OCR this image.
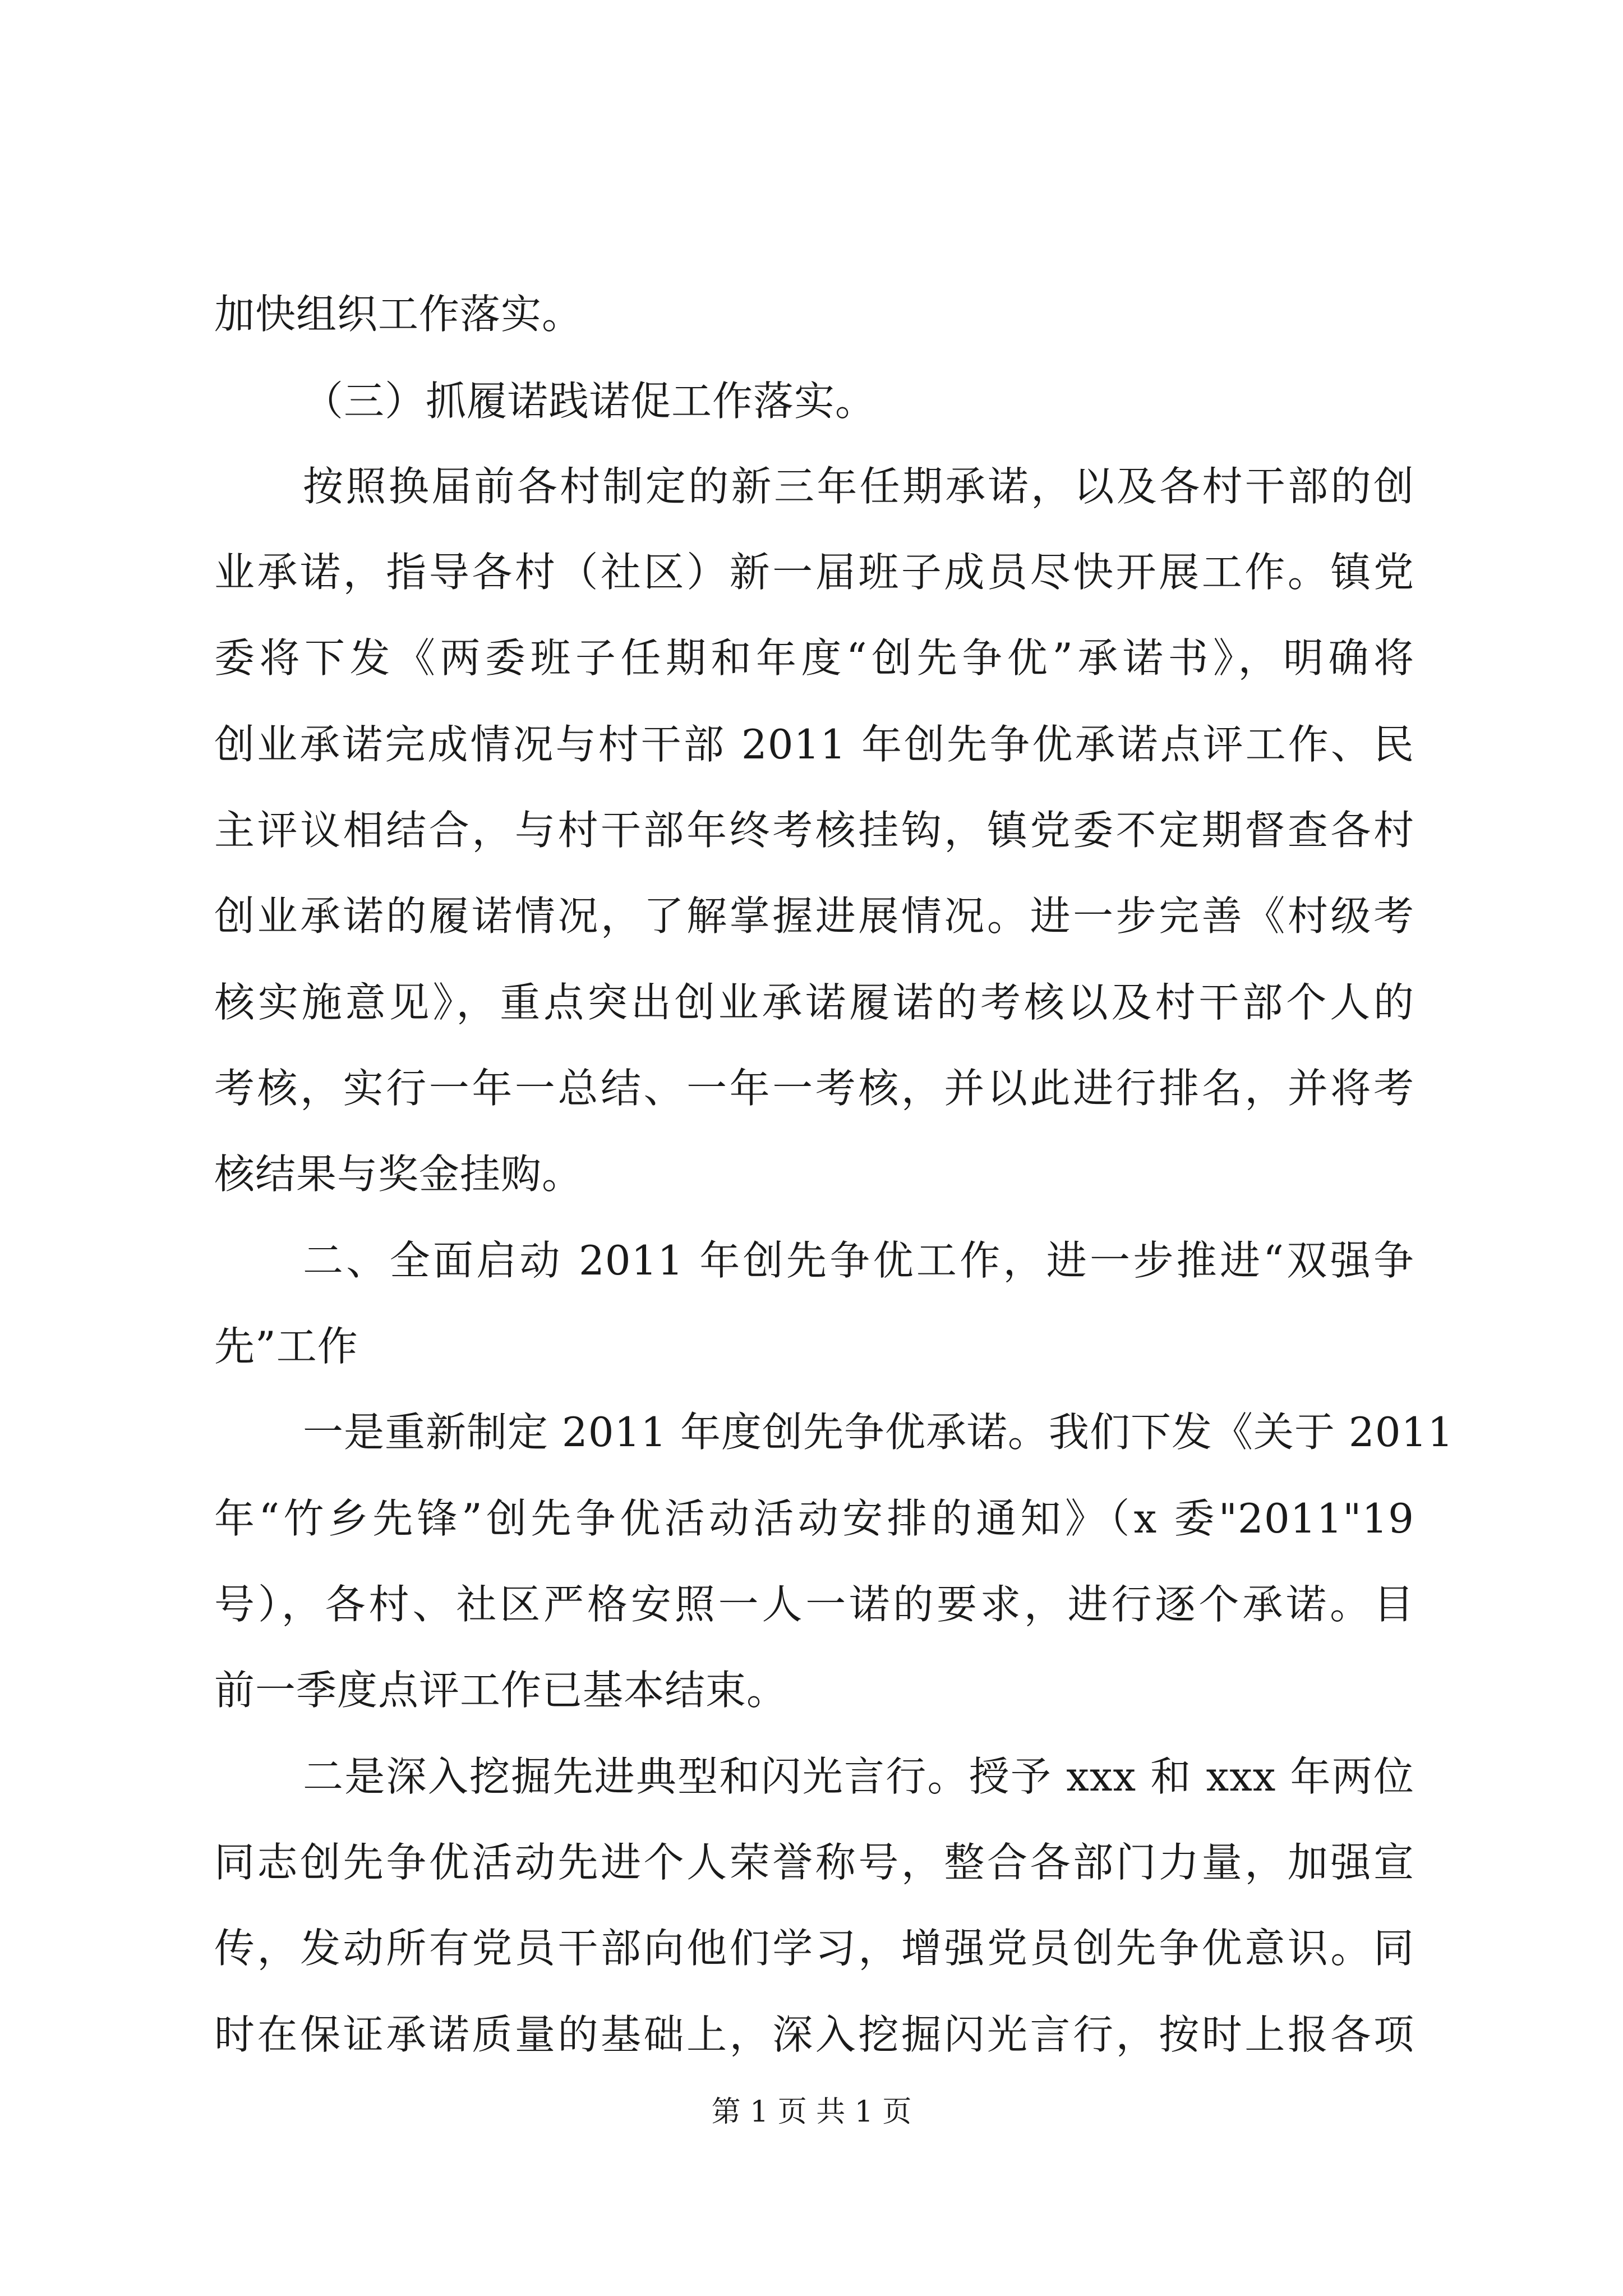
加快组织工作落实。
（三）抓履诺践诺促工作落实。
按照换届前各村制定的新三年任期承诺，以及各村干部的创
业承诺，指导各村（社区）新一届班子成员尽快开展工作。镇党
委将下发《两委班子任期和年度“创先争优”承诺书》，明确将
创业承诺完成情况与村干部 2011 年创先争优承诺点评工作、民
主评议相结合，与村干部年终考核挂钩，镇党委不定期督查各村
创业承诺的履诺情况，了解掌握进展情况。进一步完善《村级考
核实施意见》，重点突出创业承诺履诺的考核以及村干部个人的
考核，实行一年一总结、一年一考核，并以此进行排名，并将考
核结果与奖金挂购。
二、全面启动 2011 年创先争优工作，进一步推进“双强争
先”工作
一是重新制定 2011 年度创先争优承诺。我们下发《关于 2011
年“竹乡先锋”创先争优活动活动安排的通知》（x 委"2011"19
号），各村、社区严格安照一人一诺的要求，进行逐个承诺。目
前一季度点评工作已基本结束。
二是深入挖掘先进典型和闪光言行。授予 xxx 和 xxx 年两位
同志创先争优活动先进个人荣誉称号，整合各部门力量，加强宣
传，发动所有党员干部向他们学习，增强党员创先争优意识。同
时在保证承诺质量的基础上，深入挖掘闪光言行，按时上报各项
第 1 页 共 1 页
